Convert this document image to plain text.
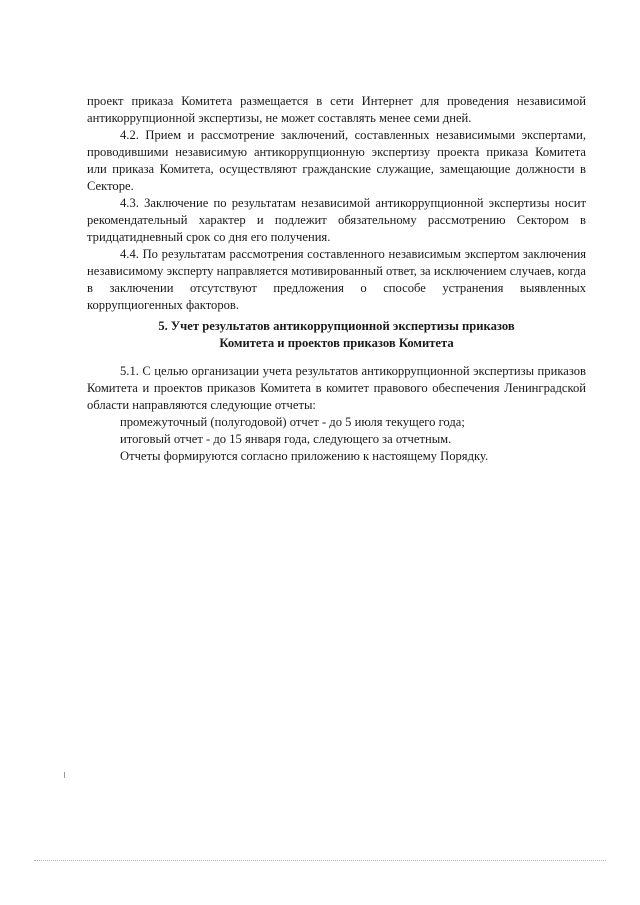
проект приказа Комитета размещается в сети Интернет для проведения независимой антикоррупционной экспертизы, не может составлять менее семи дней.

4.2. Прием и рассмотрение заключений, составленных независимыми экспертами, проводившими независимую антикоррупционную экспертизу проекта приказа Комитета или приказа Комитета, осуществляют гражданские служащие, замещающие должности в Секторе.

4.3. Заключение по результатам независимой антикоррупционной экспертизы носит рекомендательный характер и подлежит обязательному рассмотрению Сектором в тридцатидневный срок со дня его получения.

4.4. По результатам рассмотрения составленного независимым экспертом заключения независимому эксперту направляется мотивированный ответ, за исключением случаев, когда в заключении отсутствуют предложения о способе устранения выявленных коррупциогенных факторов.

5. Учет результатов антикоррупционной экспертизы приказов
Комитета и проектов приказов Комитета

5.1. С целью организации учета результатов антикоррупционной экспертизы приказов Комитета и проектов приказов Комитета в комитет правового обеспечения Ленинградской области направляются следующие отчеты:

промежуточный (полугодовой) отчет - до 5 июля текущего года;

итоговый отчет - до 15 января года, следующего за отчетным.

Отчеты формируются согласно приложению к настоящему Порядку.
